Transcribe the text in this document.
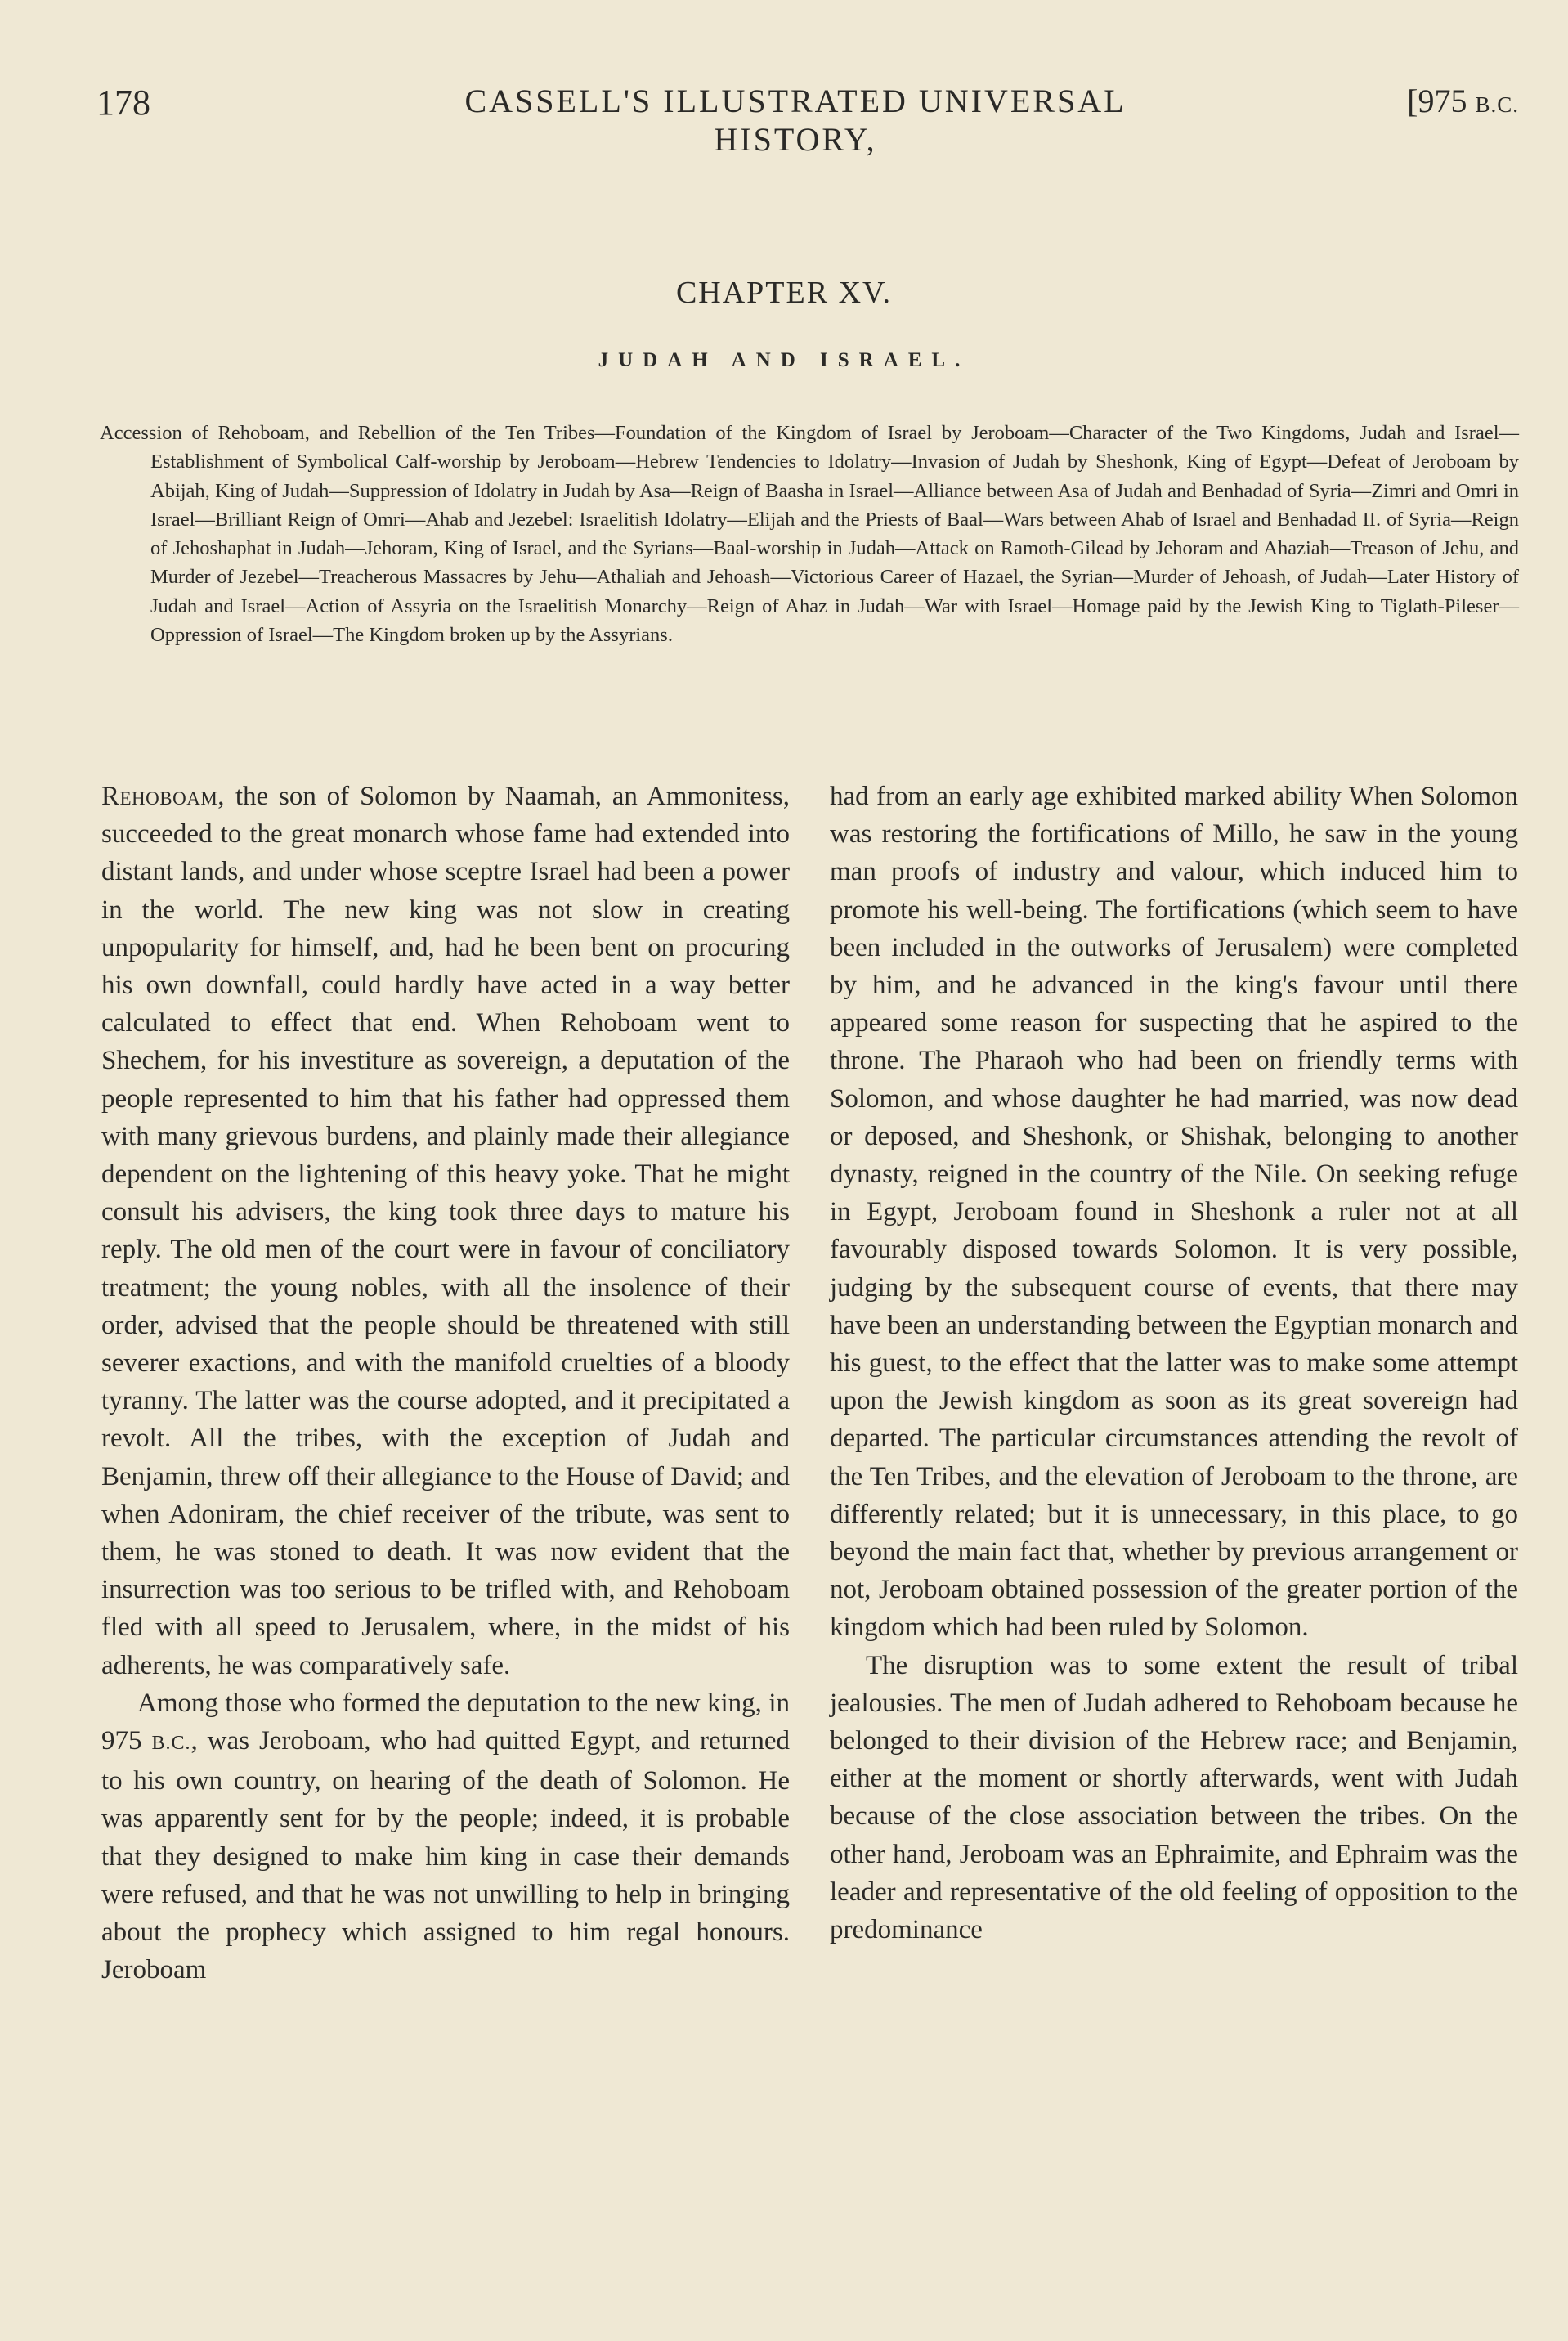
178	CASSELL'S ILLUSTRATED UNIVERSAL HISTORY,
[975 B.C.
CHAPTER XV.
JUDAH AND ISRAEL.
Accession of Rehoboam, and Rebellion of the Ten Tribes—Foundation of the Kingdom of Israel by Jeroboam—Character of the Two Kingdoms, Judah and Israel—Establishment of Symbolical Calf-worship by Jeroboam—Hebrew Tendencies to Idolatry—Invasion of Judah by Sheshonk, King of Egypt—Defeat of Jeroboam by Abijah, King of Judah—Suppression of Idolatry in Judah by Asa—Reign of Baasha in Israel—Alliance between Asa of Judah and Benhadad of Syria—Zimri and Omri in Israel—Brilliant Reign of Omri—Ahab and Jezebel: Israelitish Idolatry—Elijah and the Priests of Baal—Wars between Ahab of Israel and Benhadad II. of Syria—Reign of Jehoshaphat in Judah—Jehoram, King of Israel, and the Syrians—Baal-worship in Judah—Attack on Ramoth-Gilead by Jehoram and Ahaziah—Treason of Jehu, and Murder of Jezebel—Treacherous Massacres by Jehu—Athaliah and Jehoash—Victorious Career of Hazael, the Syrian—Murder of Jehoash, of Judah—Later History of Judah and Israel—Action of Assyria on the Israelitish Monarchy—Reign of Ahaz in Judah—War with Israel—Homage paid by the Jewish King to Tiglath-Pileser—Oppression of Israel—The Kingdom broken up by the Assyrians.

Rehoboam, the son of Solomon by Naamah, an Ammonitess, succeeded to the great monarch whose fame had extended into distant lands, and under whose sceptre Israel had been a power in the world. The new king was not slow in creating unpopularity for himself, and, had he been bent on procuring his own downfall, could hardly have acted in a way better calculated to effect that end. When Rehoboam went to Shechem, for his investiture as sovereign, a deputation of the people represented to him that his father had oppressed them with many grievous burdens, and plainly made their allegiance dependent on the lightening of this heavy yoke. That he might consult his advisers, the king took three days to mature his reply. The old men of the court were in favour of conciliatory treatment; the young nobles, with all the insolence of their order, advised that the people should be threatened with still severer exactions, and with the manifold cruelties of a bloody tyranny. The latter was the course adopted, and it precipitated a revolt. All the tribes, with the exception of Judah and Benjamin, threw off their allegiance to the House of David; and when Adoniram, the chief receiver of the tribute, was sent to them, he was stoned to death. It was now evident that the insurrection was too serious to be trifled with, and Rehoboam fled with all speed to Jerusalem, where, in the midst of his adherents, he was comparatively safe.

Among those who formed the deputation to the new king, in 975 B.C., was Jeroboam, who had quitted Egypt, and returned to his own country, on hearing of the death of Solomon. He was apparently sent for by the people; indeed, it is probable that they designed to make him king in case their demands were refused, and that he was not unwilling to help in bringing about the prophecy which assigned to him regal honours. Jeroboam

had from an early age exhibited marked ability When Solomon was restoring the fortifications of Millo, he saw in the young man proofs of industry and valour, which induced him to promote his well-being. The fortifications (which seem to have been included in the outworks of Jerusalem) were completed by him, and he advanced in the king's favour until there appeared some reason for suspecting that he aspired to the throne. The Pharaoh who had been on friendly terms with Solomon, and whose daughter he had married, was now dead or deposed, and Sheshonk, or Shishak, belonging to another dynasty, reigned in the country of the Nile. On seeking refuge in Egypt, Jeroboam found in Sheshonk a ruler not at all favourably disposed towards Solomon. It is very possible, judging by the subsequent course of events, that there may have been an understanding between the Egyptian monarch and his guest, to the effect that the latter was to make some attempt upon the Jewish kingdom as soon as its great sovereign had departed. The particular circumstances attending the revolt of the Ten Tribes, and the elevation of Jeroboam to the throne, are differently related; but it is unnecessary, in this place, to go beyond the main fact that, whether by previous arrangement or not, Jeroboam obtained possession of the greater portion of the kingdom which had been ruled by Solomon.

The disruption was to some extent the result of tribal jealousies. The men of Judah adhered to Rehoboam because he belonged to their division of the Hebrew race; and Benjamin, either at the moment or shortly afterwards, went with Judah because of the close association between the tribes. On the other hand, Jeroboam was an Ephraimite, and Ephraim was the leader and representative of the old feeling of opposition to the predominance
